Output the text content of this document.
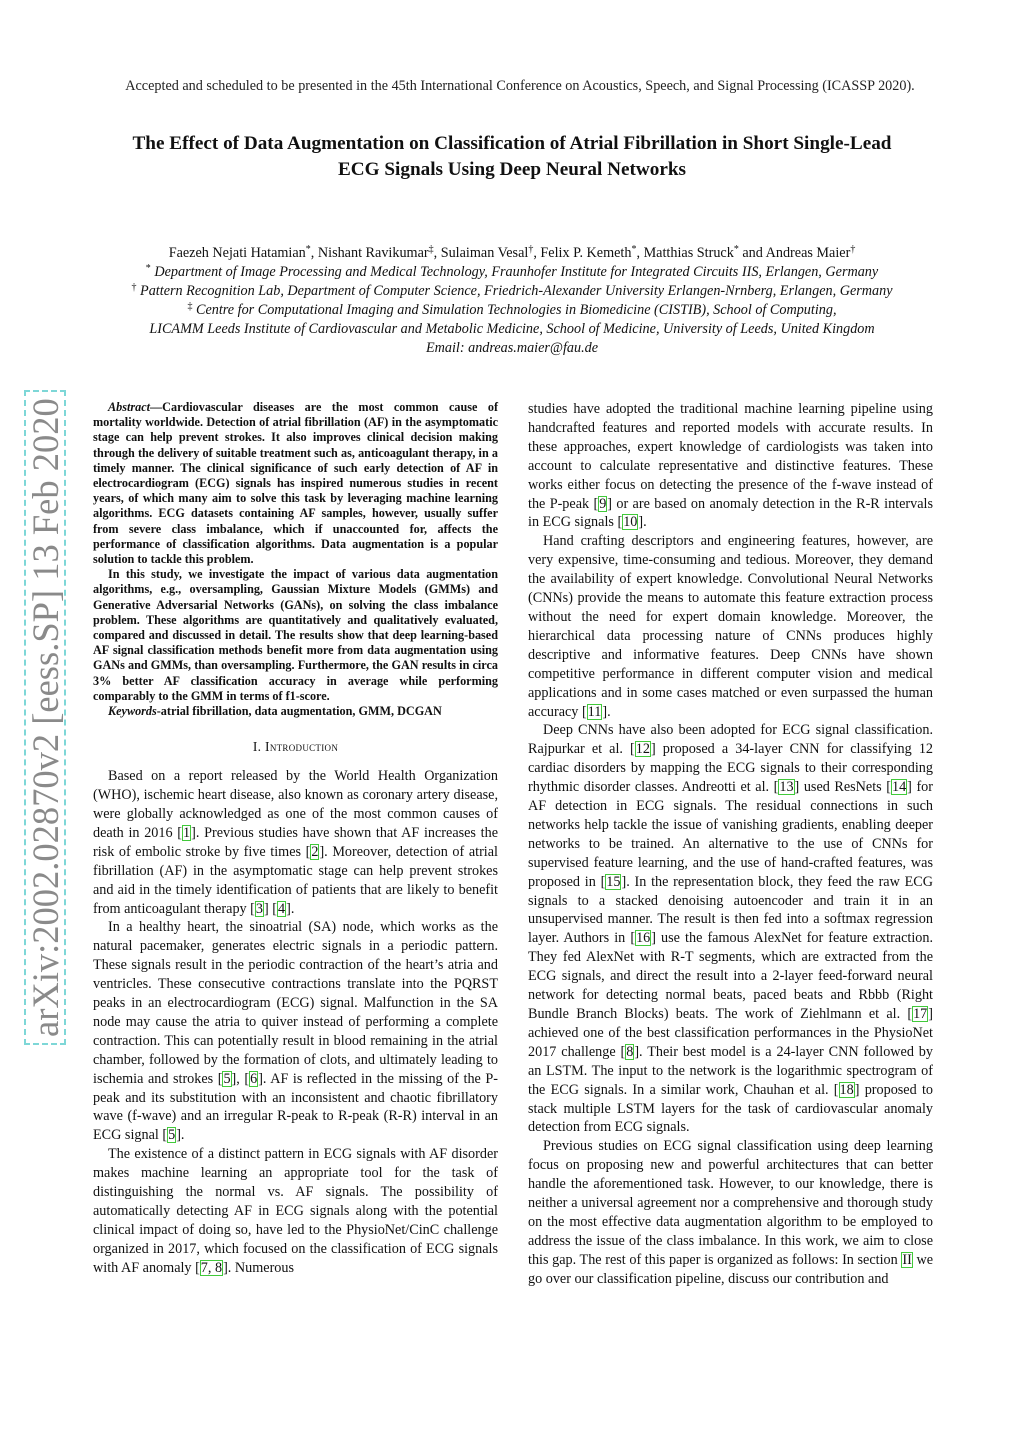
Accepted and scheduled to be presented in the 45th International Conference on Acoustics, Speech, and Signal Processing (ICASSP 2020).
The Effect of Data Augmentation on Classification of Atrial Fibrillation in Short Single-Lead
ECG Signals Using Deep Neural Networks
Faezeh Nejati Hatamian*, Nishant Ravikumar‡, Sulaiman Vesal†, Felix P. Kemeth*, Matthias Struck* and Andreas Maier†
* Department of Image Processing and Medical Technology, Fraunhofer Institute for Integrated Circuits IIS, Erlangen, Germany
† Pattern Recognition Lab, Department of Computer Science, Friedrich-Alexander University Erlangen-Nrnberg, Erlangen, Germany
‡ Centre for Computational Imaging and Simulation Technologies in Biomedicine (CISTIB), School of Computing,
LICAMM Leeds Institute of Cardiovascular and Metabolic Medicine, School of Medicine, University of Leeds, United Kingdom
Email: andreas.maier@fau.de
arXiv:2002.02870v2 [eess.SP] 13 Feb 2020	Abstract—Cardiovascular diseases are the most common cause of mortality worldwide. Detection of atrial fibrillation (AF) in the asymptomatic stage can help prevent strokes. It also improves clinical decision making through the delivery of suitable treatment such as, anticoagulant therapy, in a timely manner. The clinical significance of such early detection of AF in electrocardiogram (ECG) signals has inspired numerous studies in recent years, of which many aim to solve this task by leveraging machine learning algorithms. ECG datasets containing AF samples, however, usually suffer from severe class imbalance, which if unaccounted for, affects the performance of classification algorithms. Data augmentation is a popular solution to tackle this problem.

In this study, we investigate the impact of various data augmentation algorithms, e.g., oversampling, Gaussian Mixture Models (GMMs) and Generative Adversarial Networks (GANs), on solving the class imbalance problem. These algorithms are quantitatively and qualitatively evaluated, compared and discussed in detail. The results show that deep learning-based AF signal classification methods benefit more from data augmentation using GANs and GMMs, than oversampling. Furthermore, the GAN results in circa 3% better AF classification accuracy in average while performing comparably to the GMM in terms of f1-score.

Keywords-atrial fibrillation, data augmentation, GMM, DCGAN

I. Introduction

Based on a report released by the World Health Organization (WHO), ischemic heart disease, also known as coronary artery disease, were globally acknowledged as one of the most common causes of death in 2016 [1]. Previous studies have shown that AF increases the risk of embolic stroke by five times [2]. Moreover, detection of atrial fibrillation (AF) in the asymptomatic stage can help prevent strokes and aid in the timely identification of patients that are likely to benefit from anticoagulant therapy [3] [4].

In a healthy heart, the sinoatrial (SA) node, which works as the natural pacemaker, generates electric signals in a periodic pattern. These signals result in the periodic contraction of the heart’s atria and ventricles. These consecutive contractions translate into the PQRST peaks in an electrocardiogram (ECG) signal. Malfunction in the SA node may cause the atria to quiver instead of performing a complete contraction. This can potentially result in blood remaining in the atrial chamber, followed by the formation of clots, and ultimately leading to ischemia and strokes [5], [6]. AF is reflected in the missing of the P-peak and its substitution with an inconsistent and chaotic fibrillatory wave (f-wave) and an irregular R-peak to R-peak (R-R) interval in an ECG signal [5].

The existence of a distinct pattern in ECG signals with AF disorder makes machine learning an appropriate tool for the task of distinguishing the normal vs. AF signals. The possibility of automatically detecting AF in ECG signals along with the potential clinical impact of doing so, have led to the PhysioNet/CinC challenge organized in 2017, which focused on the classification of ECG signals with AF anomaly [7, 8]. Numerous

studies have adopted the traditional machine learning pipeline using handcrafted features and reported models with accurate results. In these approaches, expert knowledge of cardiologists was taken into account to calculate representative and distinctive features. These works either focus on detecting the presence of the f-wave instead of the P-peak [9] or are based on anomaly detection in the R-R intervals in ECG signals [10].

Hand crafting descriptors and engineering features, however, are very expensive, time-consuming and tedious. Moreover, they demand the availability of expert knowledge. Convolutional Neural Networks (CNNs) provide the means to automate this feature extraction process without the need for expert domain knowledge. Moreover, the hierarchical data processing nature of CNNs produces highly descriptive and informative features. Deep CNNs have shown competitive performance in different computer vision and medical applications and in some cases matched or even surpassed the human accuracy [11].

Deep CNNs have also been adopted for ECG signal classification. Rajpurkar et al. [12] proposed a 34-layer CNN for classifying 12 cardiac disorders by mapping the ECG signals to their corresponding rhythmic disorder classes. Andreotti et al. [13] used ResNets [14] for AF detection in ECG signals. The residual connections in such networks help tackle the issue of vanishing gradients, enabling deeper networks to be trained. An alternative to the use of CNNs for supervised feature learning, and the use of hand-crafted features, was proposed in [15]. In the representation block, they feed the raw ECG signals to a stacked denoising autoencoder and train it in an unsupervised manner. The result is then fed into a softmax regression layer. Authors in [16] use the famous AlexNet for feature extraction. They fed AlexNet with R-T segments, which are extracted from the ECG signals, and direct the result into a 2-layer feed-forward neural network for detecting normal beats, paced beats and Rbbb (Right Bundle Branch Blocks) beats. The work of Ziehlmann et al. [17] achieved one of the best classification performances in the PhysioNet 2017 challenge [8]. Their best model is a 24-layer CNN followed by an LSTM. The input to the network is the logarithmic spectrogram of the ECG signals. In a similar work, Chauhan et al. [18] proposed to stack multiple LSTM layers for the task of cardiovascular anomaly detection from ECG signals.

Previous studies on ECG signal classification using deep learning focus on proposing new and powerful architectures that can better handle the aforementioned task. However, to our knowledge, there is neither a universal agreement nor a comprehensive and thorough study on the most effective data augmentation algorithm to be employed to address the issue of the class imbalance. In this work, we aim to close this gap. The rest of this paper is organized as follows: In section II we go over our classification pipeline, discuss our contribution and
